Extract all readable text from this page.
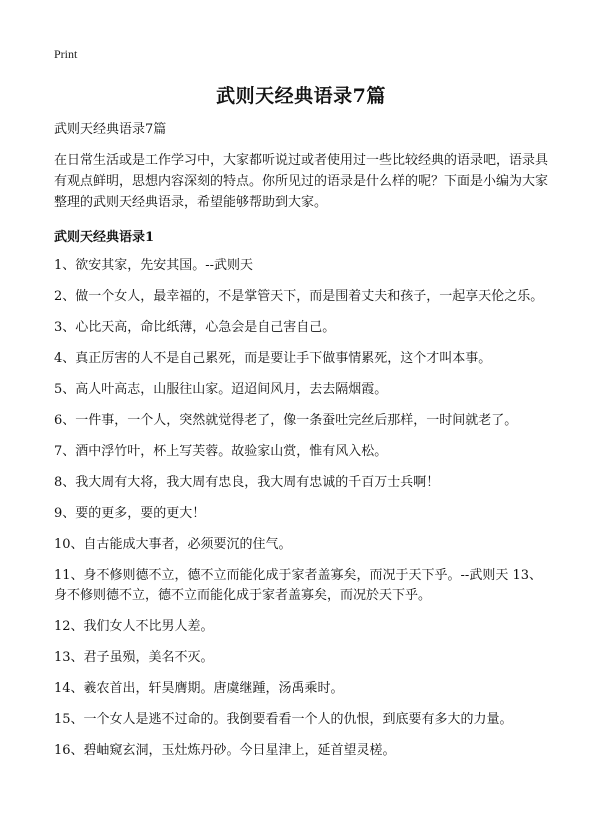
Print

武则天经典语录7篇

武则天经典语录7篇

在日常生活或是工作学习中，大家都听说过或者使用过一些比较经典的语录吧，语录具有观点鲜明，思想内容深刻的特点。你所见过的语录是什么样的呢？下面是小编为大家整理的武则天经典语录，希望能够帮助到大家。

武则天经典语录1
1、欲安其家，先安其国。--武则天
2、做一个女人，最幸福的，不是掌管天下，而是围着丈夫和孩子，一起享天伦之乐。
3、心比天高，命比纸薄，心急会是自己害自己。
4、真正厉害的人不是自己累死，而是要让手下做事情累死，这个才叫本事。
5、高人叶高志，山服往山家。迢迢间风月，去去隔烟霞。
6、一件事，一个人，突然就觉得老了，像一条蚕吐完丝后那样，一时间就老了。
7、酒中浮竹叶，杯上写芙蓉。故验家山赏，惟有风入松。
8、我大周有大将，我大周有忠良，我大周有忠诚的千百万士兵啊！
9、要的更多，要的更大！
10、自古能成大事者，必须要沉的住气。
11、身不修则德不立，德不立而能化成于家者盖寡矣，而况于天下乎。--武则天 13、身不修则德不立，德不立而能化成于家者盖寡矣，而况於天下乎。
12、我们女人不比男人差。
13、君子虽殒，美名不灭。
14、羲农首出，轩昊膺期。唐虞继踵，汤禹乘时。
15、一个女人是逃不过命的。我倒要看看一个人的仇恨，到底要有多大的力量。
16、碧岫窥玄洞，玉灶炼丹砂。今日星津上，延首望灵槎。
